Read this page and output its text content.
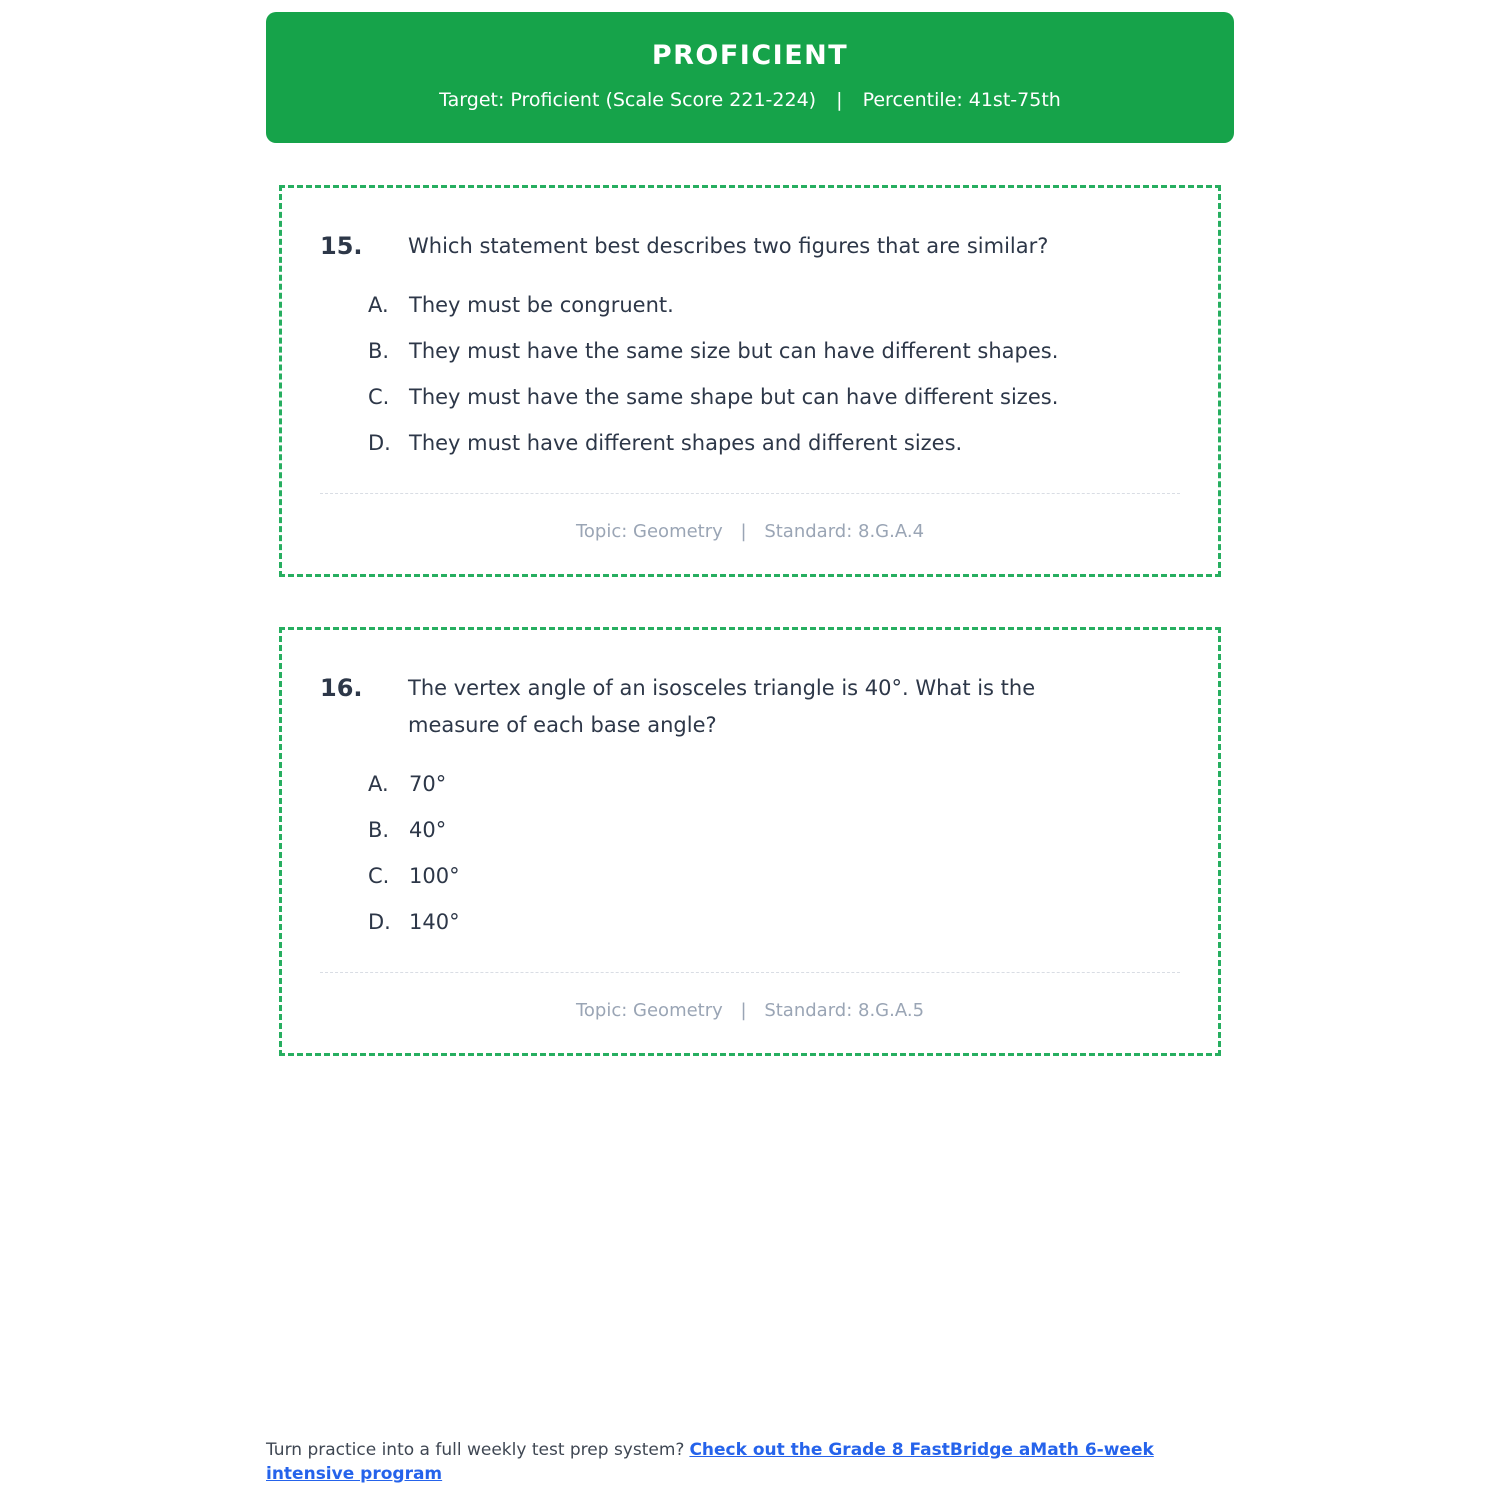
PROFICIENT
Target: Proficient (Scale Score 221-224) | Percentile: 41st-75th
15.	Which statement best describes two figures that are similar?
A. They must be congruent.
B. They must have the same size but can have different shapes.
C. They must have the same shape but can have different sizes.
D. They must have different shapes and different sizes.
Topic: Geometry | Standard: 8.G.A.4
16.	The vertex angle of an isosceles triangle is 40°. What is the measure of each base angle?
A. 70°
B. 40°
C. 100°
D. 140°
Topic: Geometry | Standard: 8.G.A.5
Turn practice into a full weekly test prep system? Check out the Grade 8 FastBridge aMath 6-week intensive program
